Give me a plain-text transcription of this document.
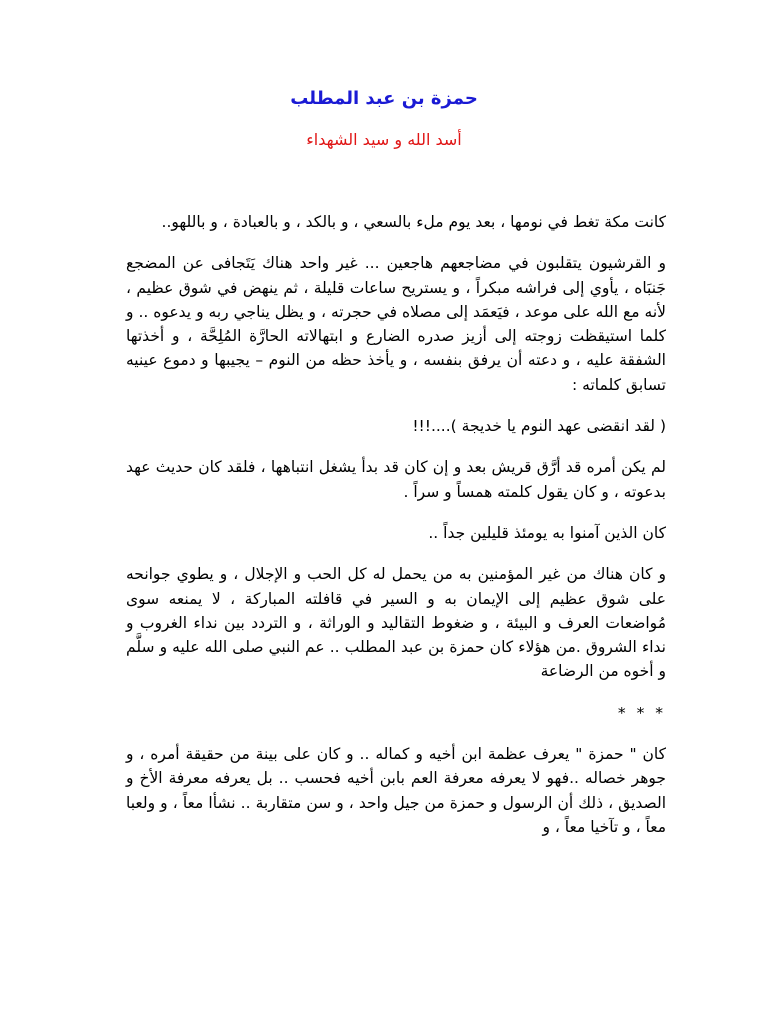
حمزة بن عبد المطلب
أسد الله و سيد الشهداء

كانت مكة تغط في نومها ، بعد يوم ملء بالسعي ، و بالكد ، و بالعبادة ، و باللهو..

و القرشيون يتقلبون في مضاجعهم هاجعين ... غير واحد هناك يَتَجافى عن المضجع جَنبَاه ، يأوي إلى فراشه مبكراً ، و يستريح ساعات قليلة ، ثم ينهض في شوق عظيم ، لأنه مع الله على موعد ، فيَعمَد إلى مصلاه في حجرته ، و يظل يناجي ربه و يدعوه .. و كلما استيقظت زوجته إلى أزيز صدره الضارع و ابتهالاته الحارَّة المُلِحَّة ، و أخذتها الشفقة عليه ، و دعته أن يرفق بنفسه ، و يأخذ حظه من النوم – يجيبها و دموع عينيه تسابق كلماته :

( لقد انقضى عهد النوم يا خديجة )....!!!

لم يكن أمره قد أرَّق قريش بعد و إن كان قد بدأ يشغل انتباهها ، فلقد كان حديث عهد بدعوته ، و كان يقول كلمته همساً و سراً .

كان الذين آمنوا به يومئذ قليلين جداً ..

و كان هناك من غير المؤمنين به من يحمل له كل الحب و الإجلال ، و يطوي جوانحه على شوق عظيم إلى الإيمان به و السير في قافلته المباركة ، لا يمنعه سوى مُواضعات العرف و البيئة ، و ضغوط التقاليد و الوراثة ، و التردد بين نداء الغروب و نداء الشروق .من هؤلاء كان حمزة بن عبد المطلب .. عم النبي صلى الله عليه و سلَّم و أخوه من الرضاعة

* * *

كان " حمزة " يعرف عظمة ابن أخيه و كماله .. و كان على بينة من حقيقة أمره ، و جوهر خصاله ..فهو لا يعرفه معرفة العم بابن أخيه فحسب .. بل يعرفه معرفة الأخ و الصديق ، ذلك أن الرسول و حمزة من جيل واحد ، و سن متقاربة .. نشأا معاً ، و ولعبا معاً ، و تآخيا معاً ، و
